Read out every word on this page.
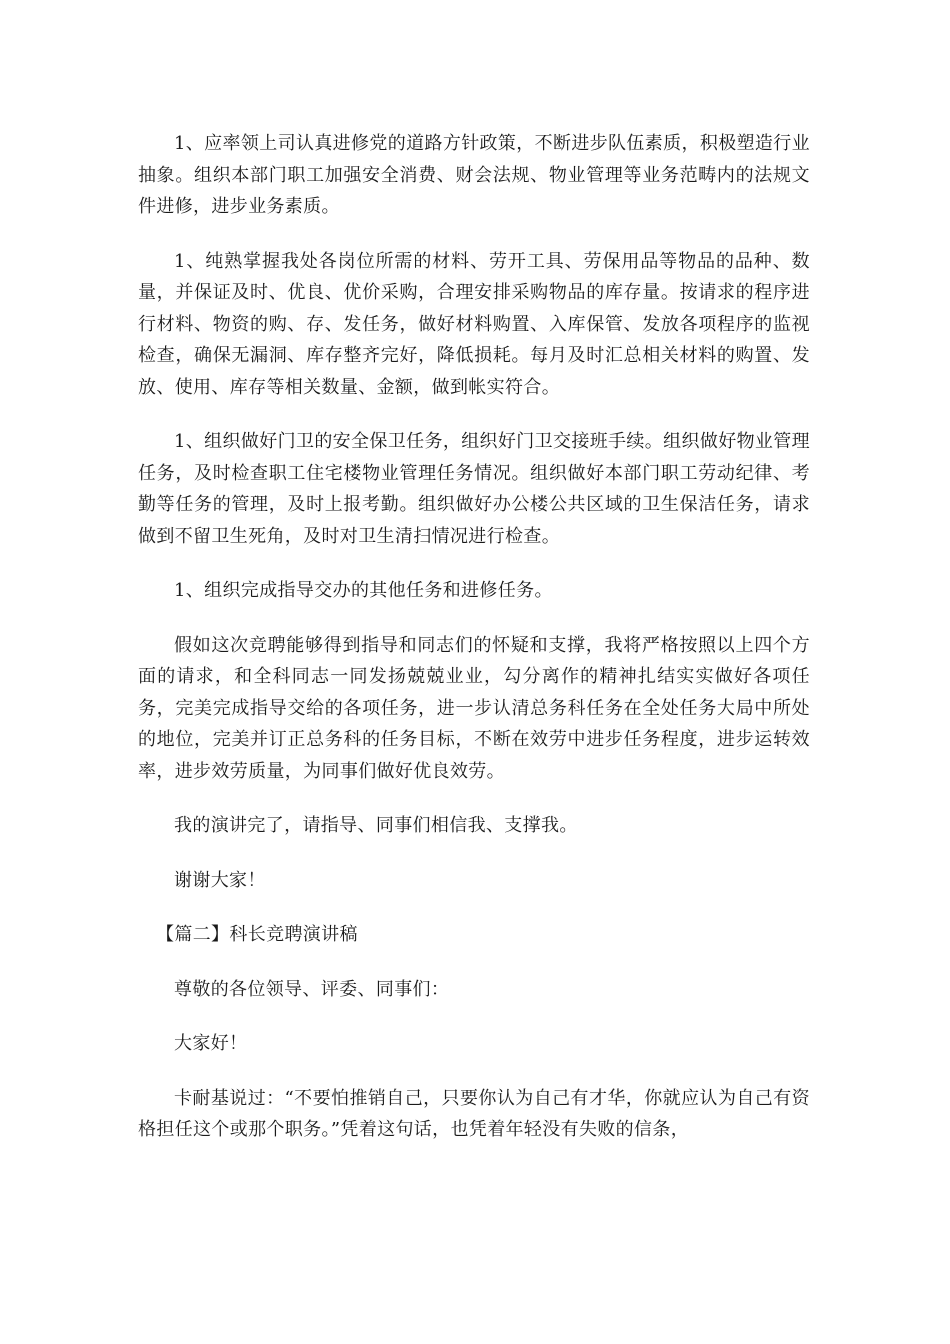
1、应率领上司认真进修党的道路方针政策，不断进步队伍素质，积极塑造行业抽象。组织本部门职工加强安全消费、财会法规、物业管理等业务范畴内的法规文件进修，进步业务素质。

1、纯熟掌握我处各岗位所需的材料、劳开工具、劳保用品等物品的品种、数量，并保证及时、优良、优价采购，合理安排采购物品的库存量。按请求的程序进行材料、物资的购、存、发任务，做好材料购置、入库保管、发放各项程序的监视检查，确保无漏洞、库存整齐完好，降低损耗。每月及时汇总相关材料的购置、发放、使用、库存等相关数量、金额，做到帐实符合。

1、组织做好门卫的安全保卫任务，组织好门卫交接班手续。组织做好物业管理任务，及时检查职工住宅楼物业管理任务情况。组织做好本部门职工劳动纪律、考勤等任务的管理，及时上报考勤。组织做好办公楼公共区域的卫生保洁任务，请求做到不留卫生死角，及时对卫生清扫情况进行检查。

1、组织完成指导交办的其他任务和进修任务。

假如这次竞聘能够得到指导和同志们的怀疑和支撑，我将严格按照以上四个方面的请求，和全科同志一同发扬兢兢业业，勾分离作的精神扎结实实做好各项任务，完美完成指导交给的各项任务，进一步认清总务科任务在全处任务大局中所处的地位，完美并订正总务科的任务目标，不断在效劳中进步任务程度，进步运转效率，进步效劳质量，为同事们做好优良效劳。

我的演讲完了，请指导、同事们相信我、支撑我。

谢谢大家！

【篇二】科长竞聘演讲稿

尊敬的各位领导、评委、同事们：

大家好！

卡耐基说过：“不要怕推销自己，只要你认为自己有才华，你就应认为自己有资格担任这个或那个职务。”凭着这句话，也凭着年轻没有失败的信条，
